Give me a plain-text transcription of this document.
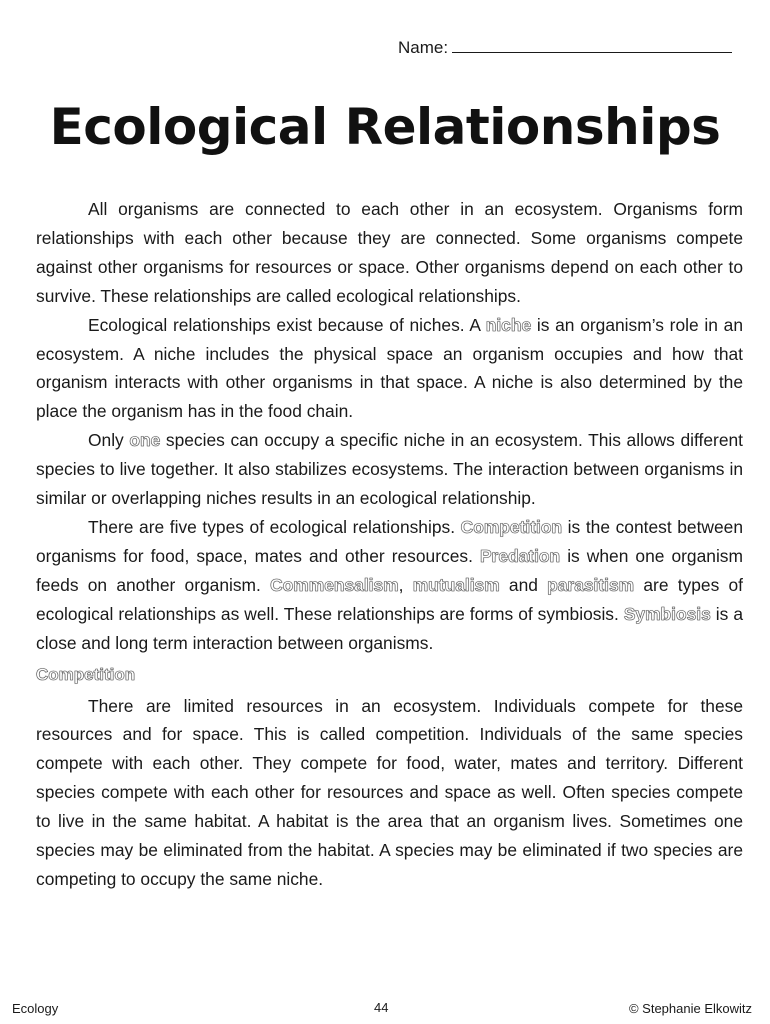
Name:
Ecological Relationships

All organisms are connected to each other in an ecosystem. Organisms form relationships with each other because they are connected. Some organisms compete against other organisms for resources or space. Other organisms depend on each other to survive. These relationships are called ecological relationships.

Ecological relationships exist because of niches. A niche is an organism’s role in an ecosystem. A niche includes the physical space an organism occupies and how that organism interacts with other organisms in that space. A niche is also determined by the place the organism has in the food chain.

Only one species can occupy a specific niche in an ecosystem. This allows different species to live together. It also stabilizes ecosystems. The interaction between organisms in similar or overlapping niches results in an ecological relationship.

There are five types of ecological relationships. Competition is the contest between organisms for food, space, mates and other resources. Predation is when one organism feeds on another organism. Commensalism, mutualism and parasitism are types of ecological relationships as well. These relationships are forms of symbiosis. Symbiosis is a close and long term interaction between organisms.

Competition

There are limited resources in an ecosystem. Individuals compete for these resources and for space. This is called competition. Individuals of the same species compete with each other. They compete for food, water, mates and territory. Different species compete with each other for resources and space as well. Often species compete to live in the same habitat. A habitat is the area that an organism lives. Sometimes one species may be eliminated from the habitat. A species may be eliminated if two species are competing to occupy the same niche.

Ecology	44	© Stephanie Elkowitz
